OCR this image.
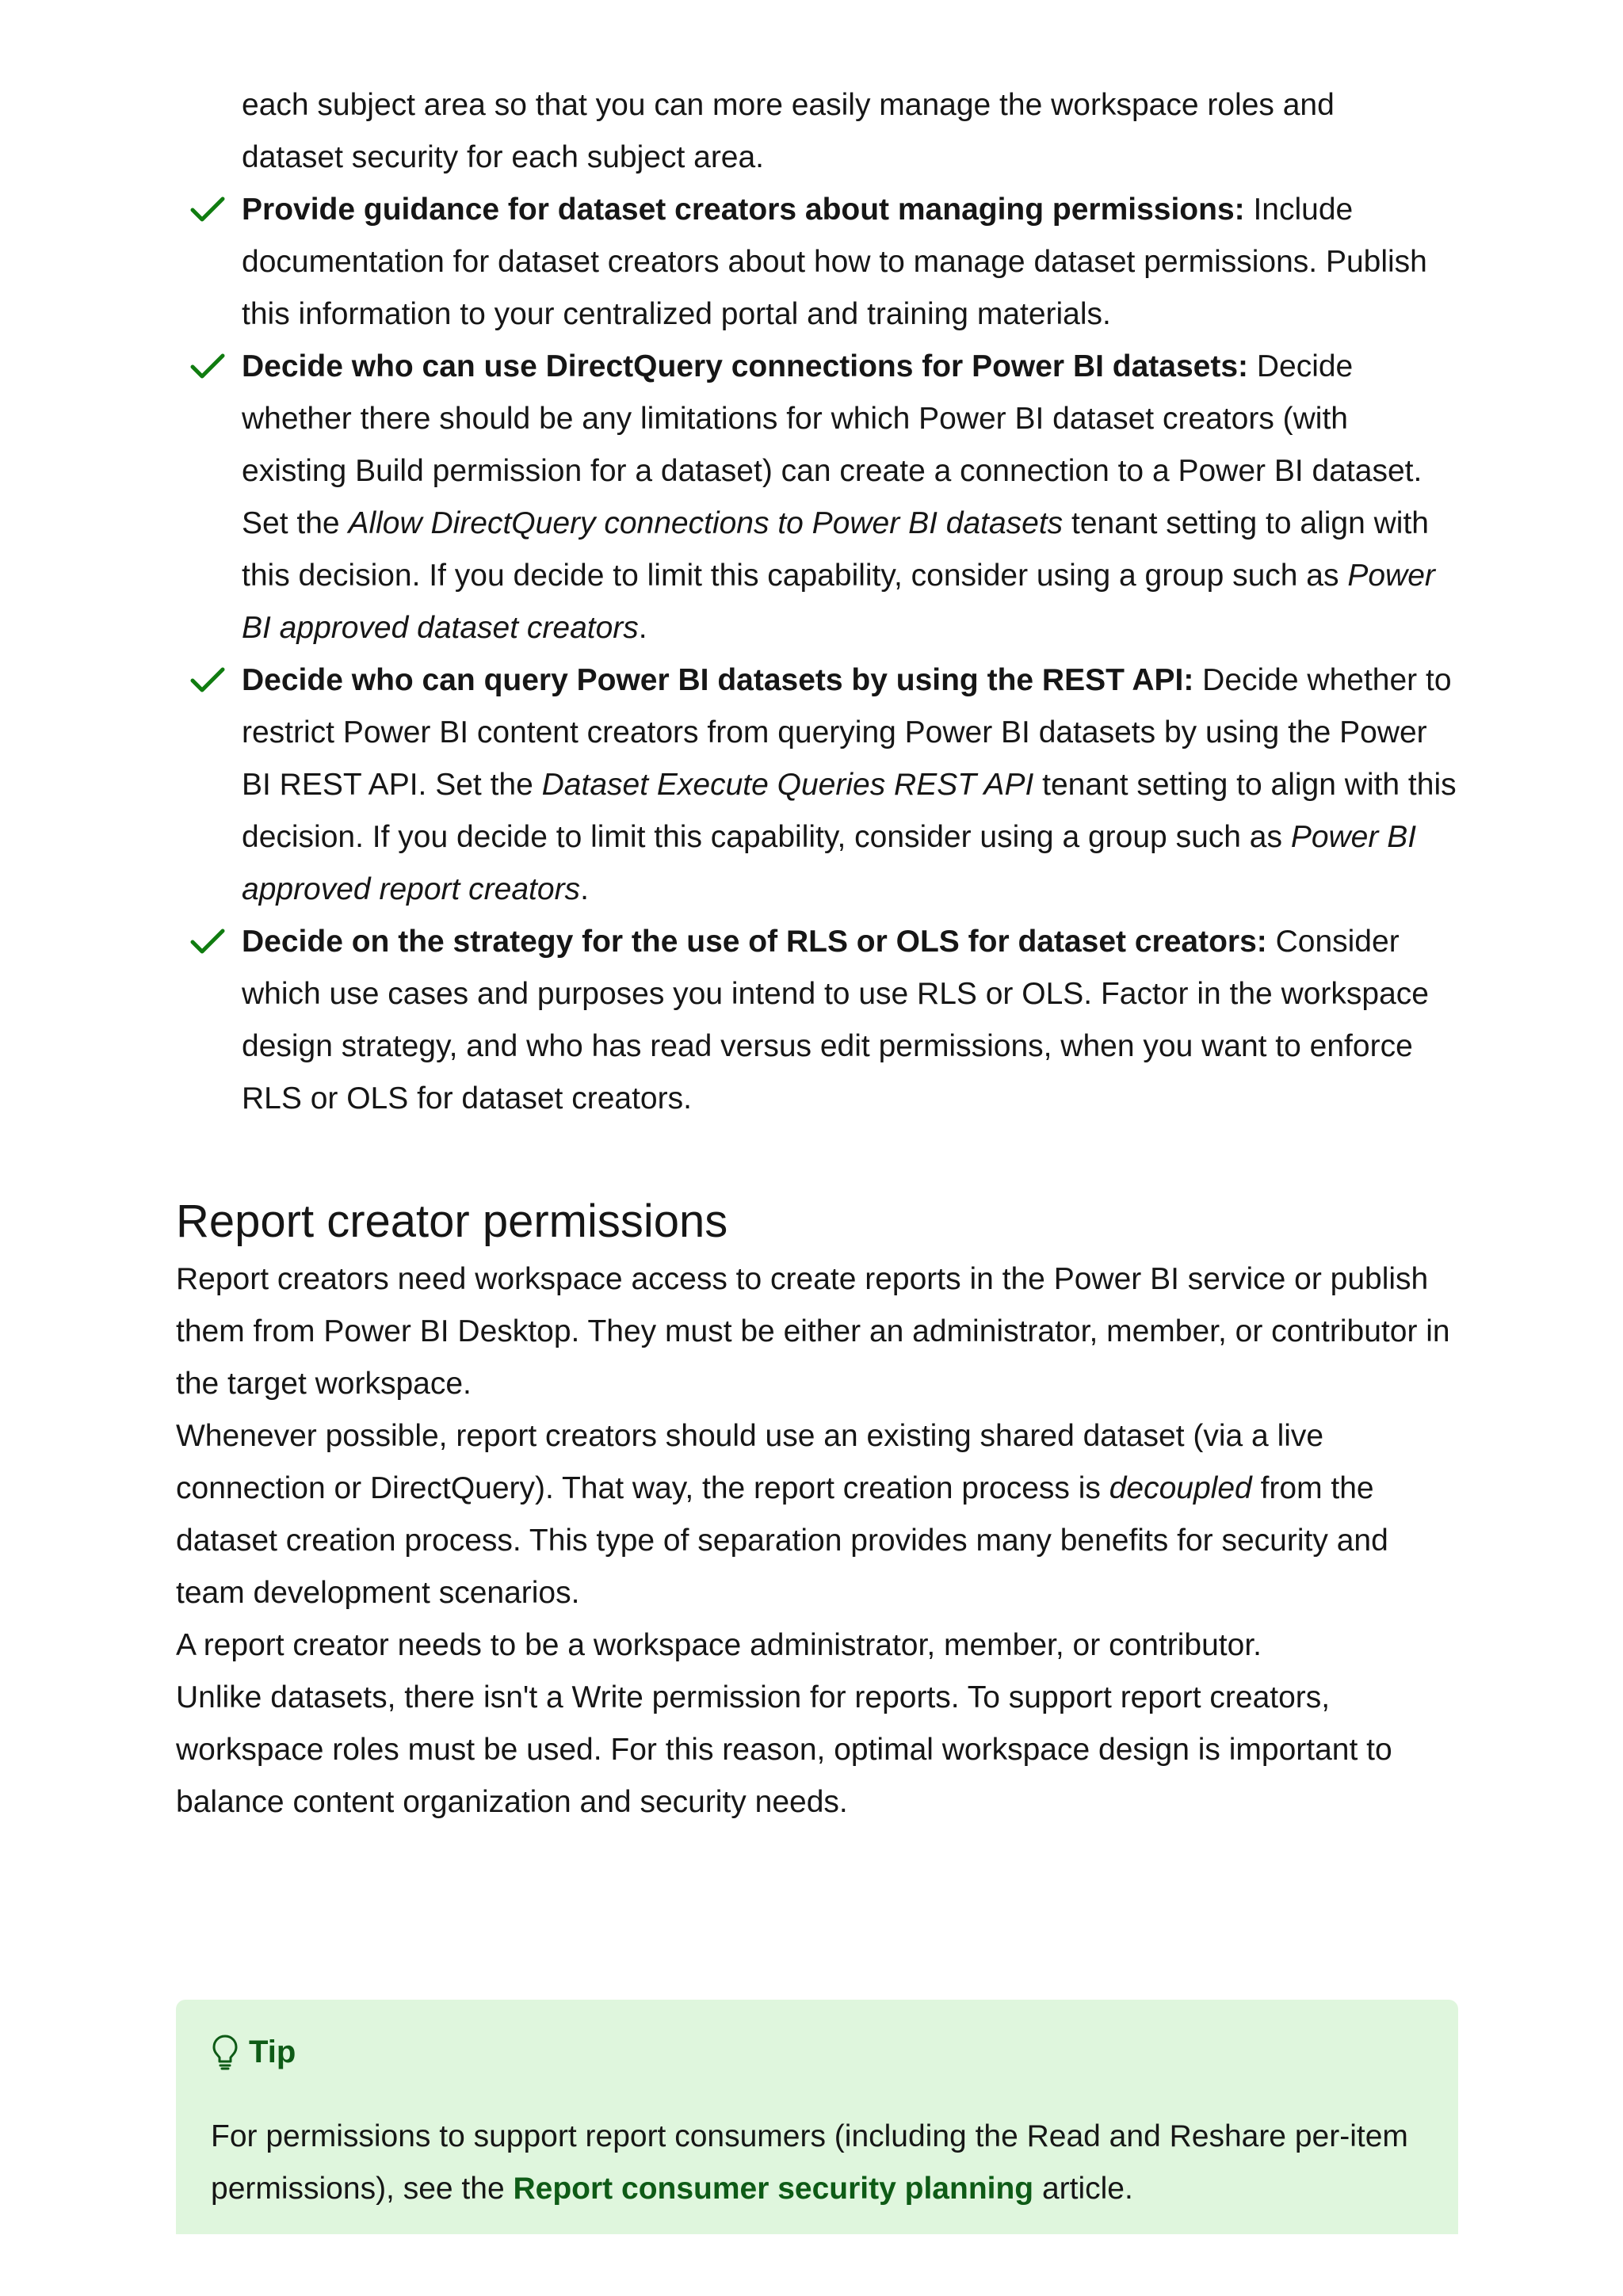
each subject area so that you can more easily manage the workspace roles and
dataset security for each subject area.

Provide guidance for dataset creators about managing permissions: Include documentation for dataset creators about how to manage dataset permissions. Publish this information to your centralized portal and training materials.
Decide who can use DirectQuery connections for Power BI datasets: Decide whether there should be any limitations for which Power BI dataset creators (with existing Build permission for a dataset) can create a connection to a Power BI dataset. Set the Allow DirectQuery connections to Power BI datasets tenant setting to align with this decision. If you decide to limit this capability, consider using a group such as Power BI approved dataset creators.
Decide who can query Power BI datasets by using the REST API: Decide whether to restrict Power BI content creators from querying Power BI datasets by using the Power BI REST API. Set the Dataset Execute Queries REST API tenant setting to align with this decision. If you decide to limit this capability, consider using a group such as Power BI approved report creators.
Decide on the strategy for the use of RLS or OLS for dataset creators: Consider which use cases and purposes you intend to use RLS or OLS. Factor in the workspace design strategy, and who has read versus edit permissions, when you want to enforce RLS or OLS for dataset creators.
Report creator permissions

Report creators need workspace access to create reports in the Power BI service or publish them from Power BI Desktop. They must be either an administrator, member, or contributor in the target workspace.

Whenever possible, report creators should use an existing shared dataset (via a live connection or DirectQuery). That way, the report creation process is decoupled from the dataset creation process. This type of separation provides many benefits for security and team development scenarios.

A report creator needs to be a workspace administrator, member, or contributor.

Unlike datasets, there isn't a Write permission for reports. To support report creators, workspace roles must be used. For this reason, optimal workspace design is important to balance content organization and security needs.

Tip
For permissions to support report consumers (including the Read and Reshare per-item permissions), see the Report consumer security planning article.
